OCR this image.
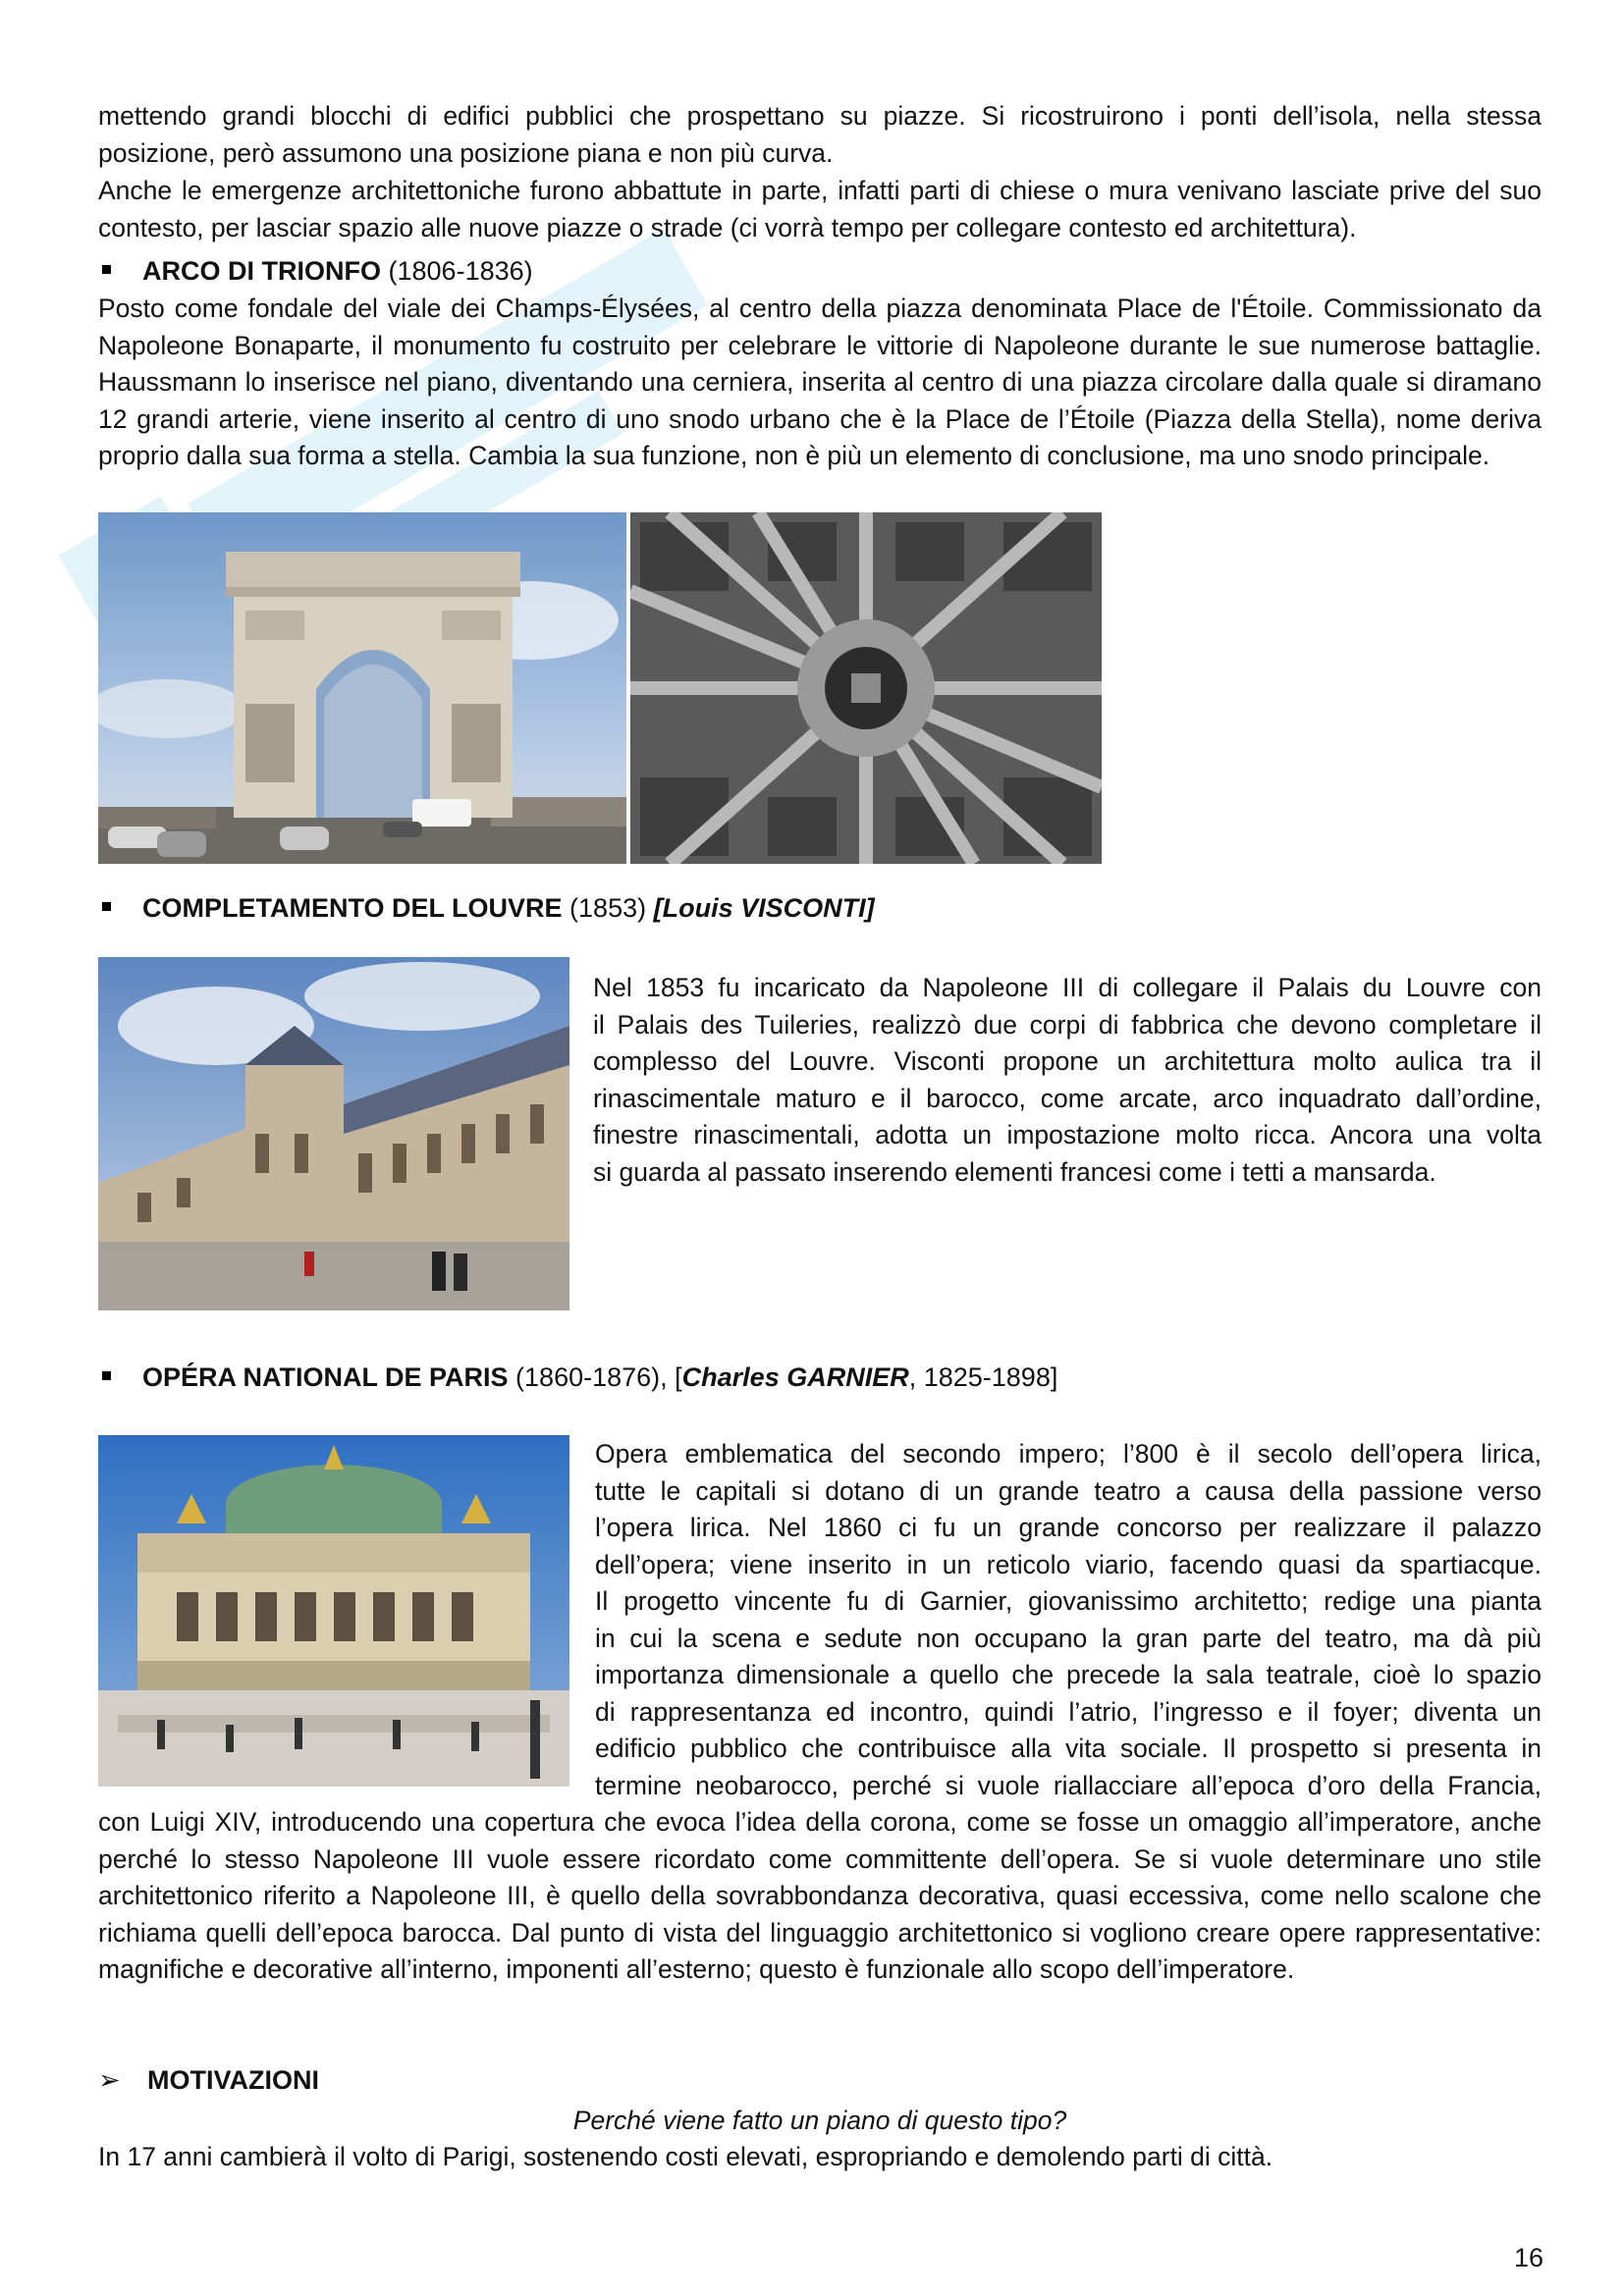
mettendo grandi blocchi di edifici pubblici che prospettano su piazze. Si ricostruirono i ponti dell’isola, nella stessa
posizione, però assumono una posizione piana e non più curva.
Anche le emergenze architettoniche furono abbattute in parte, infatti parti di chiese o mura venivano lasciate prive del suo contesto, per lasciar spazio alle nuove piazze o strade (ci vorrà tempo per collegare contesto ed architettura).
ARCO DI TRIONFO (1806-1836)
Posto come fondale del viale dei Champs-Élysées, al centro della piazza denominata Place de l'Étoile. Commissionato da Napoleone Bonaparte, il monumento fu costruito per celebrare le vittorie di Napoleone durante le sue numerose battaglie. Haussmann lo inserisce nel piano, diventando una cerniera, inserita al centro di una piazza circolare dalla quale si diramano 12 grandi arterie, viene inserito al centro di uno snodo urbano che è la Place de l’Étoile (Piazza della Stella), nome deriva proprio dalla sua forma a stella. Cambia la sua funzione, non è più un elemento di conclusione, ma uno snodo principale.
COMPLETAMENTO DEL LOUVRE (1853) [Louis VISCONTI]
Nel 1853 fu incaricato da Napoleone III di collegare il Palais du Louvre con
il Palais des Tuileries, realizzò due corpi di fabbrica che devono completare il
complesso del Louvre. Visconti propone un architettura molto aulica tra il
rinascimentale maturo e il barocco, come arcate, arco inquadrato dall’ordine,
finestre rinascimentali, adotta un impostazione molto ricca. Ancora una volta
si guarda al passato inserendo elementi francesi come i tetti a mansarda.
OPÉRA NATIONAL DE PARIS (1860-1876), [Charles GARNIER, 1825-1898]
Opera emblematica del secondo impero; l’800 è il secolo dell’opera lirica,
tutte le capitali si dotano di un grande teatro a causa della passione verso
l’opera lirica. Nel 1860 ci fu un grande concorso per realizzare il palazzo
dell’opera; viene inserito in un reticolo viario, facendo quasi da spartiacque.
Il progetto vincente fu di Garnier, giovanissimo architetto; redige una pianta
in cui la scena e sedute non occupano la gran parte del teatro, ma dà più
importanza dimensionale a quello che precede la sala teatrale, cioè lo spazio
di rappresentanza ed incontro, quindi l’atrio, l’ingresso e il foyer; diventa un
edificio pubblico che contribuisce alla vita sociale. Il prospetto si presenta in
termine neobarocco, perché si vuole riallacciare all’epoca d’oro della Francia,
con Luigi XIV, introducendo una copertura che evoca l’idea della corona, come se fosse un omaggio all’imperatore, anche perché lo stesso Napoleone III vuole essere ricordato come committente dell’opera. Se si vuole determinare uno stile architettonico riferito a Napoleone III, è quello della sovrabbondanza decorativa, quasi eccessiva, come nello scalone che richiama quelli dell’epoca barocca. Dal punto di vista del linguaggio architettonico si vogliono creare opere rappresentative: magnifiche e decorative all’interno, imponenti all’esterno; questo è funzionale allo scopo dell’imperatore.
➢ MOTIVAZIONI
Perché viene fatto un piano di questo tipo?
In 17 anni cambierà il volto di Parigi, sostenendo costi elevati, espropriando e demolendo parti di città.
16
